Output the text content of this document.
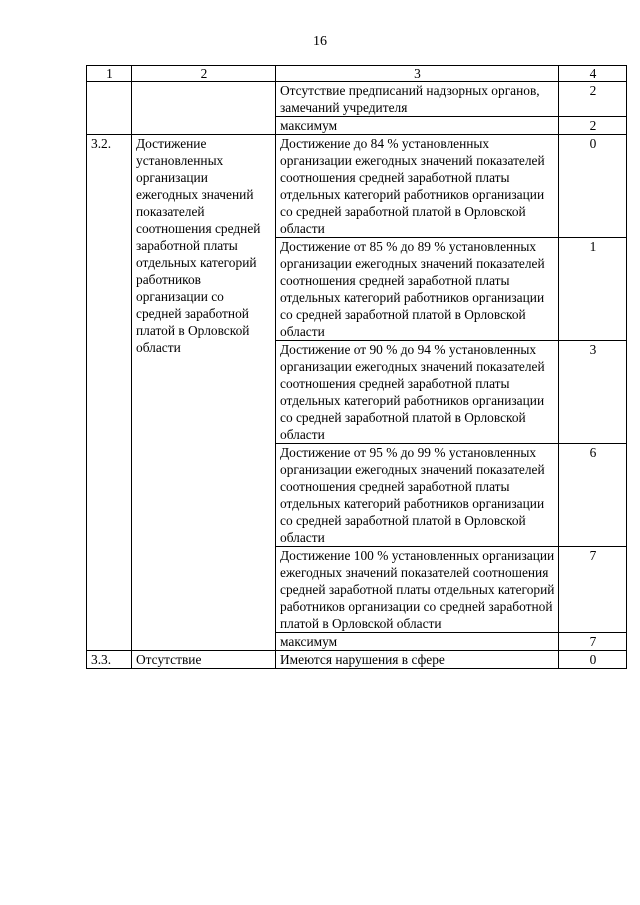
16
1	2	3	4
		Отсутствие предписаний надзорных органов, замечаний учредителя	2
		максимум	2
3.2.	Достижение установленных организации ежегодных значений показателей соотношения средней заработной платы отдельных категорий работников организации со средней заработной платой в Орловской области	Достижение до 84 % установленных организации ежегодных значений показателей соотношения средней заработной платы отдельных категорий работников организации со средней заработной платой в Орловской области	0
		Достижение от 85 % до 89 % установленных организации ежегодных значений показателей соотношения средней заработной платы отдельных категорий работников организации со средней заработной платой в Орловской области	1
		Достижение от 90 % до 94 % установленных организации ежегодных значений показателей соотношения средней заработной платы отдельных категорий работников организации со средней заработной платой в Орловской области	3
		Достижение от 95 % до 99 % установленных организации ежегодных значений показателей соотношения средней заработной платы отдельных категорий работников организации со средней заработной платой в Орловской области	6
		Достижение 100 % установленных организации ежегодных значений показателей соотношения средней заработной платы отдельных категорий работников организации со средней заработной платой в Орловской области	7
		максимум	7
3.3.	Отсутствие	Имеются нарушения в сфере	0
